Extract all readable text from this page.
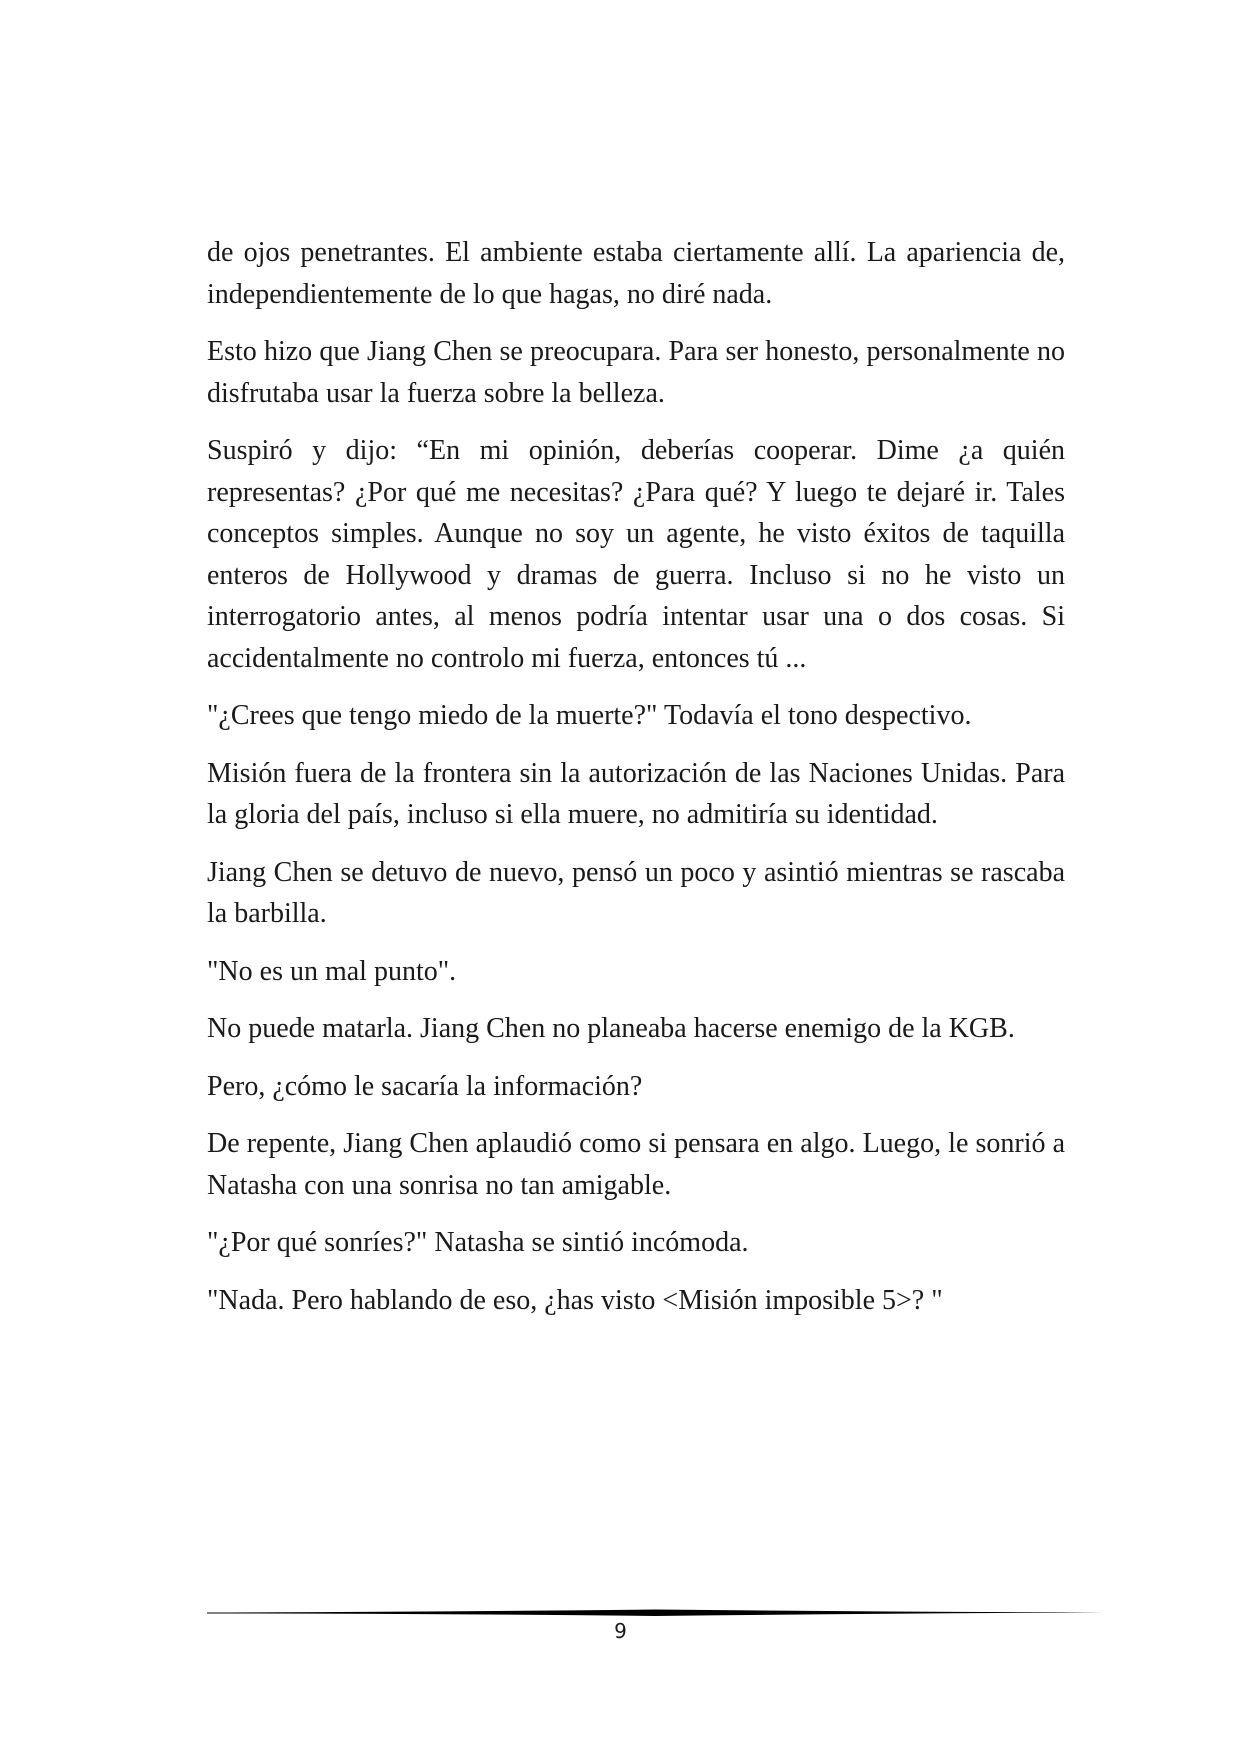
de ojos penetrantes. El ambiente estaba ciertamente allí. La apariencia de, independientemente de lo que hagas, no diré nada.

Esto hizo que Jiang Chen se preocupara. Para ser honesto, personalmente no disfrutaba usar la fuerza sobre la belleza.

Suspiró y dijo: “En mi opinión, deberías cooperar. Dime ¿a quién representas? ¿Por qué me necesitas? ¿Para qué? Y luego te dejaré ir. Tales conceptos simples. Aunque no soy un agente, he visto éxitos de taquilla enteros de Hollywood y dramas de guerra. Incluso si no he visto un interrogatorio antes, al menos podría intentar usar una o dos cosas. Si accidentalmente no controlo mi fuerza, entonces tú ...

"¿Crees que tengo miedo de la muerte?" Todavía el tono despectivo.

Misión fuera de la frontera sin la autorización de las Naciones Unidas. Para la gloria del país, incluso si ella muere, no admitiría su identidad.

Jiang Chen se detuvo de nuevo, pensó un poco y asintió mientras se rascaba la barbilla.

"No es un mal punto".

No puede matarla. Jiang Chen no planeaba hacerse enemigo de la KGB.

Pero, ¿cómo le sacaría la información?

De repente, Jiang Chen aplaudió como si pensara en algo. Luego, le sonrió a Natasha con una sonrisa no tan amigable.

"¿Por qué sonríes?" Natasha se sintió incómoda.

"Nada. Pero hablando de eso, ¿has visto <Misión imposible 5>? "

9
